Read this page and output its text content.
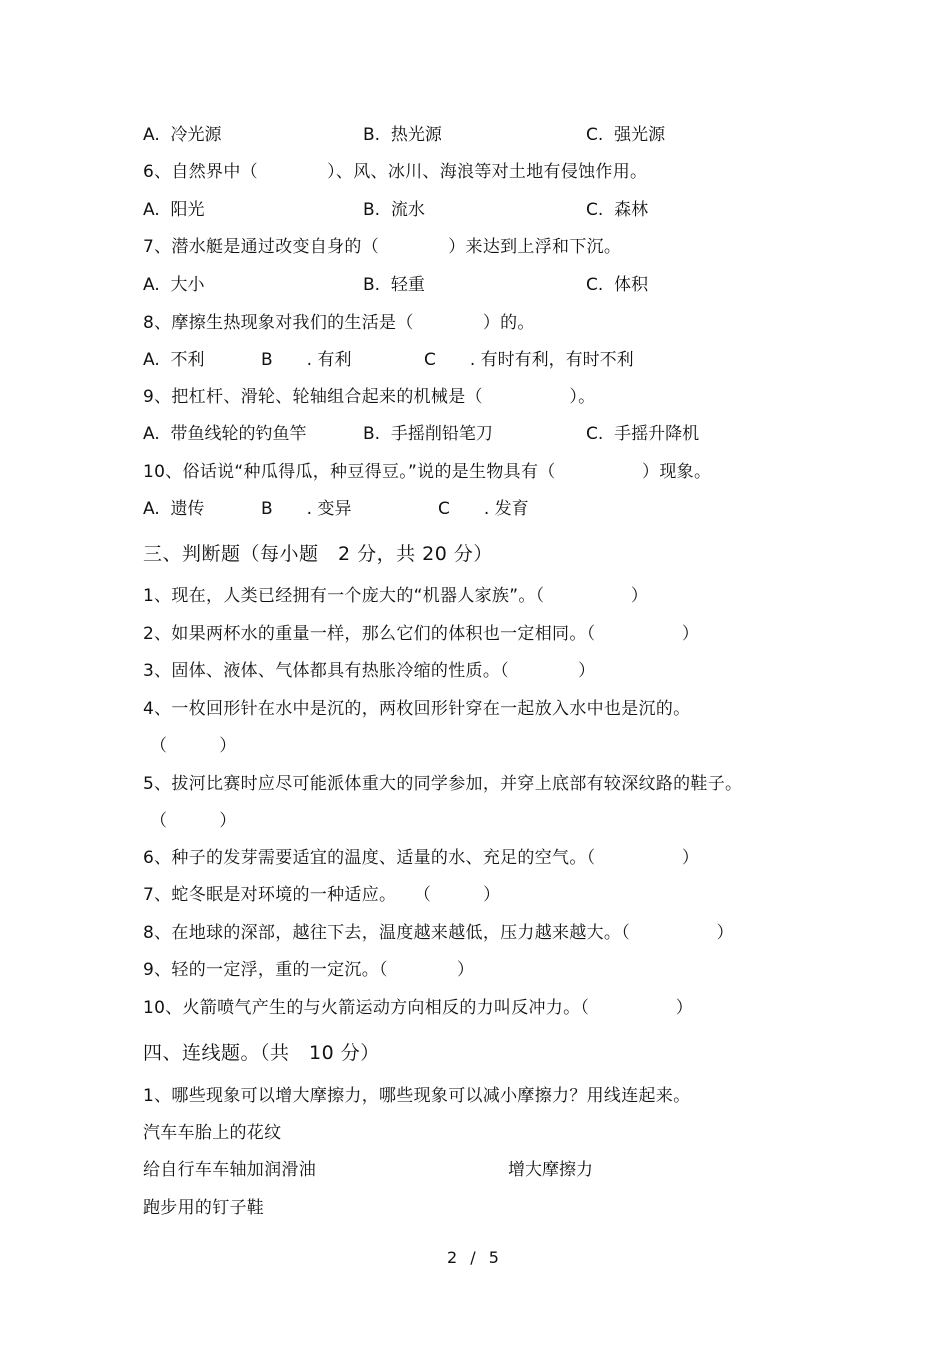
A.  冷光源	B.  热光源	C.  强光源
6、自然界中（　　　　）、风、冰川、海浪等对土地有侵蚀作用。
A.  阳光	B.  流水	C.  森林
7、潜水艇是通过改变自身的（　　　　）来达到上浮和下沉。
A.  大小	B.  轻重	C.  体积
8、摩擦生热现象对我们的生活是（　　　　）的。
A.  不利	B　　. 有利	C　　. 有时有利，有时不利
9、把杠杆、滑轮、轮轴组合起来的机械是（　　　　　）。
A.  带鱼线轮的钓鱼竿	B.  手摇削铅笔刀	C.  手摇升降机
10、俗话说“种瓜得瓜，种豆得豆。”说的是生物具有（　　　　　）现象。
A.  遗传	B　　. 变异	C　　. 发育
三、判断题（每小题　2 分，共 20 分）
1、现在，人类已经拥有一个庞大的“机器人家族”。（　　　　　）
2、如果两杯水的重量一样，那么它们的体积也一定相同。（　　　　　）
3、固体、液体、气体都具有热胀冷缩的性质。（　　　　）
4、一枚回形针在水中是沉的，两枚回形针穿在一起放入水中也是沉的。
（　　　）
5、拔河比赛时应尽可能派体重大的同学参加，并穿上底部有较深纹路的鞋子。
（　　　）
6、种子的发芽需要适宜的温度、适量的水、充足的空气。（　　　　　）
7、蛇冬眠是对环境的一种适应。　　（　　　）
8、在地球的深部，越往下去，温度越来越低，压力越来越大。（　　　　　）
9、轻的一定浮，重的一定沉。（　　　　）
10、火箭喷气产生的与火箭运动方向相反的力叫反冲力。（　　　　　）
四、连线题。（共　10 分）
1、哪些现象可以增大摩擦力，哪些现象可以减小摩擦力？用线连起来。
汽车车胎上的花纹
给自行车车轴加润滑油	增大摩擦力
跑步用的钉子鞋
2 / 5
